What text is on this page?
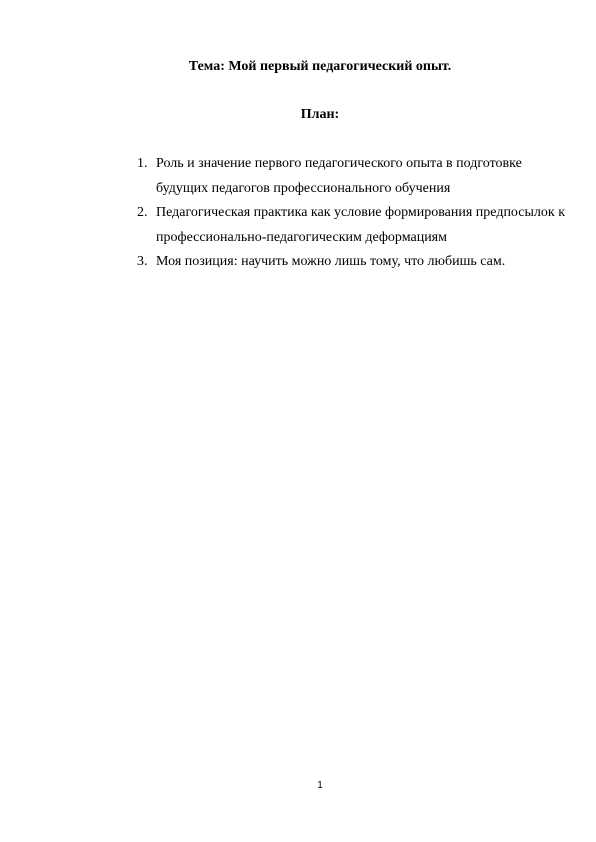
Тема: Мой первый педагогический опыт.
План:
1. Роль и значение первого педагогического опыта в подготовке будущих педагогов профессионального обучения
2. Педагогическая практика как условие формирования предпосылок к профессионально-педагогическим деформациям
3. Моя позиция: научить можно лишь тому, что любишь сам.
1
